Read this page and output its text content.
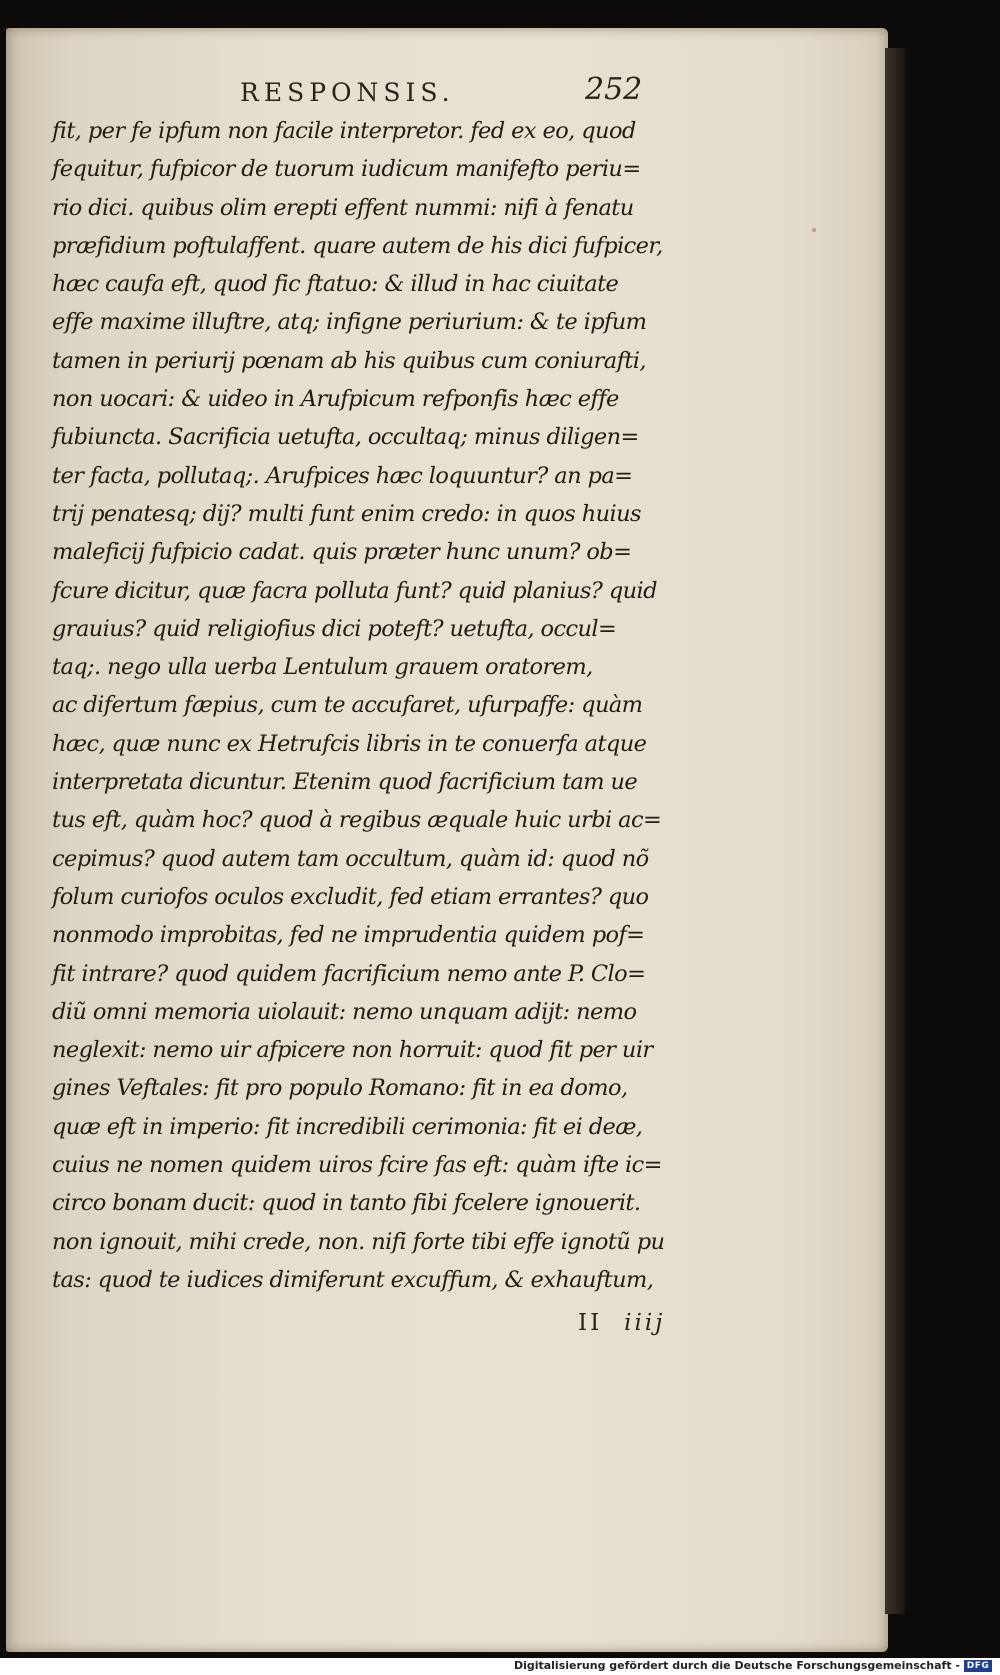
RESPONSIS.	252
fit, per fe ipfum non facile interpretor. fed ex eo, quod
fequitur, fufpicor de tuorum iudicum manifefto periu=
rio dici. quibus olim erepti effent nummi: nifi à fenatu
præfidium poftulaffent. quare autem de his dici fufpicer,
hæc caufa eft, quod fic ftatuo: & illud in hac ciuitate
effe maxime illuftre, atq; infigne periurium: & te ipfum
tamen in periurij pœnam ab his quibus cum coniurafti,
non uocari: & uideo in Arufpicum refponfis hæc effe
fubiuncta. Sacrificia uetufta, occultaq; minus diligen=
ter facta, pollutaq;. Arufpices hæc loquuntur? an pa=
trij penatesq; dij? multi funt enim credo: in quos huius
maleficij fufpicio cadat. quis præter hunc unum? ob=
fcure dicitur, quæ facra polluta funt? quid planius? quid
grauius? quid religiofius dici poteft? uetufta, occul=
taq;. nego ulla uerba Lentulum grauem oratorem,
ac difertum fæpius, cum te accufaret, ufurpaffe: quàm
hæc, quæ nunc ex Hetrufcis libris in te conuerfa atque
interpretata dicuntur. Etenim quod facrificium tam ue
tus eft, quàm hoc? quod à regibus æquale huic urbi ac=
cepimus? quod autem tam occultum, quàm id: quod nõ
folum curiofos oculos excludit, fed etiam errantes? quo
nonmodo improbitas, fed ne imprudentia quidem pof=
fit intrare? quod quidem facrificium nemo ante P. Clo=
diũ omni memoria uiolauit: nemo unquam adijt: nemo
neglexit: nemo uir afpicere non horruit: quod fit per uir
gines Veftales: fit pro populo Romano: fit in ea domo,
quæ eft in imperio: fit incredibili cerimonia: fit ei deæ,
cuius ne nomen quidem uiros fcire fas eft: quàm ifte ic=
circo bonam ducit: quod in tanto fibi fcelere ignouerit.
non ignouit, mihi crede, non. nifi forte tibi effe ignotũ pu
tas: quod te iudices dimiferunt excuffum, & exhauftum,
II iiij
Digitalisierung gefördert durch die Deutsche Forschungsgemeinschaft - DFG
